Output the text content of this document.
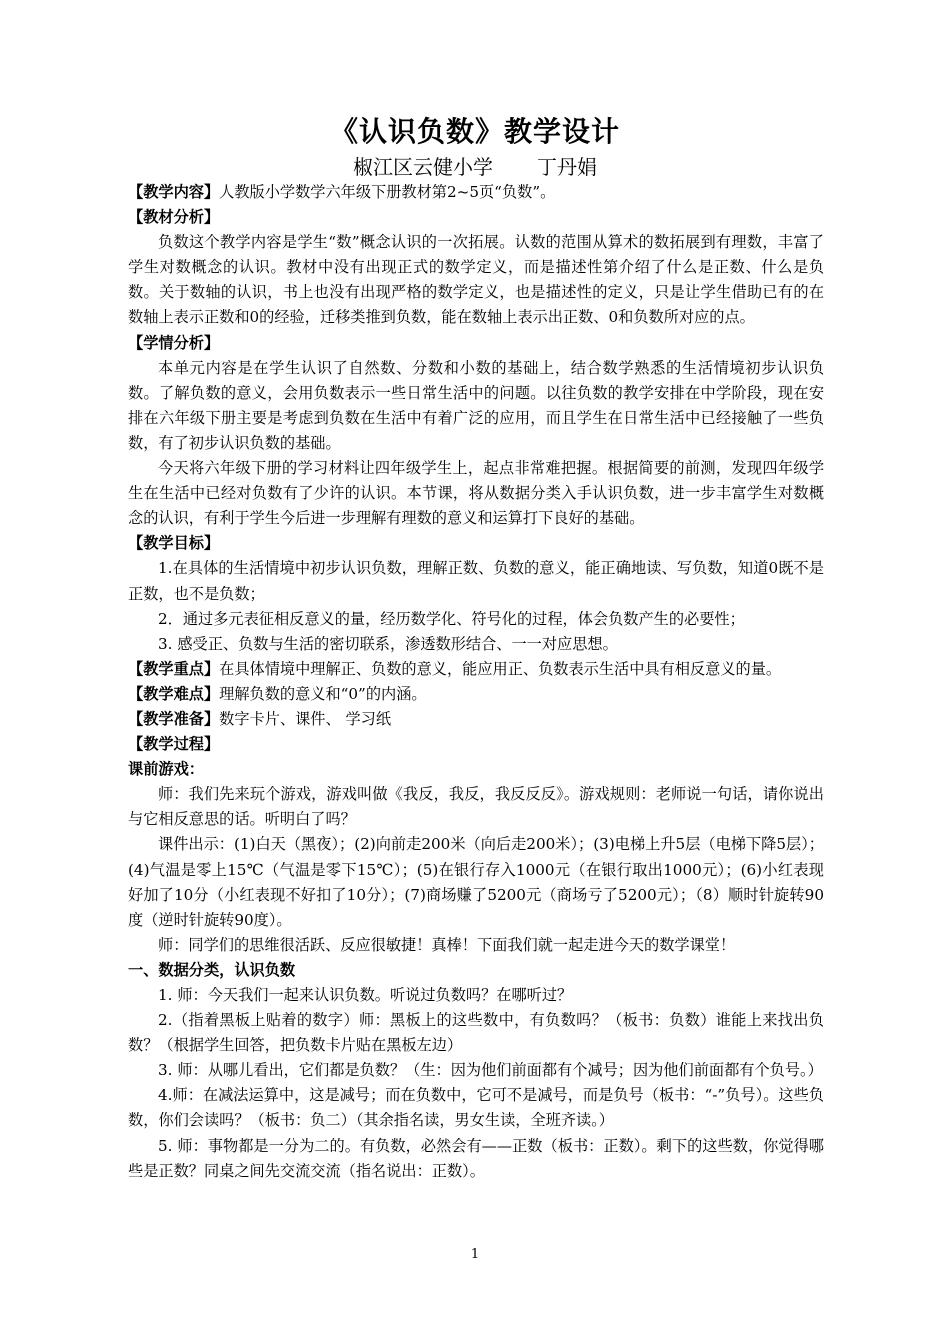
《认识负数》教学设计
椒江区云健小学 丁丹娟

【教学内容】人教版小学数学六年级下册教材第2~5页“负数”。

【教材分析】

负数这个教学内容是学生“数”概念认识的一次拓展。认数的范围从算术的数拓展到有理数，丰富了学生对数概念的认识。教材中没有出现正式的数学定义，而是描述性第介绍了什么是正数、什么是负数。关于数轴的认识，书上也没有出现严格的数学定义，也是描述性的定义，只是让学生借助已有的在数轴上表示正数和0的经验，迁移类推到负数，能在数轴上表示出正数、0和负数所对应的点。

【学情分析】

本单元内容是在学生认识了自然数、分数和小数的基础上，结合数学熟悉的生活情境初步认识负数。了解负数的意义，会用负数表示一些日常生活中的问题。以往负数的教学安排在中学阶段，现在安排在六年级下册主要是考虑到负数在生活中有着广泛的应用，而且学生在日常生活中已经接触了一些负数，有了初步认识负数的基础。

今天将六年级下册的学习材料让四年级学生上，起点非常难把握。根据简要的前测，发现四年级学生在生活中已经对负数有了少许的认识。本节课，将从数据分类入手认识负数，进一步丰富学生对数概念的认识，有利于学生今后进一步理解有理数的意义和运算打下良好的基础。

【教学目标】

1.在具体的生活情境中初步认识负数，理解正数、负数的意义，能正确地读、写负数，知道0既不是正数，也不是负数；

2．通过多元表征相反意义的量，经历数学化、符号化的过程，体会负数产生的必要性；

3. 感受正、负数与生活的密切联系，渗透数形结合、一一对应思想。

【教学重点】在具体情境中理解正、负数的意义，能应用正、负数表示生活中具有相反意义的量。

【教学难点】理解负数的意义和“0”的内涵。

【教学准备】数字卡片、课件、 学习纸

【教学过程】

课前游戏：

师：我们先来玩个游戏，游戏叫做《我反，我反，我反反反》。游戏规则：老师说一句话，请你说出与它相反意思的话。听明白了吗？

课件出示：(1)白天（黑夜）；(2)向前走200米（向后走200米）；(3)电梯上升5层（电梯下降5层）；(4)气温是零上15℃（气温是零下15℃）；(5)在银行存入1000元（在银行取出1000元）；(6)小红表现好加了10分（小红表现不好扣了10分）；(7)商场赚了5200元（商场亏了5200元）；（8）顺时针旋转90度（逆时针旋转90度）。

师：同学们的思维很活跃、反应很敏捷！真棒！下面我们就一起走进今天的数学课堂！

一、数据分类，认识负数

1. 师：今天我们一起来认识负数。听说过负数吗？在哪听过？

2.（指着黑板上贴着的数字）师：黑板上的这些数中，有负数吗？（板书：负数）谁能上来找出负数？（根据学生回答，把负数卡片贴在黑板左边）

3. 师：从哪儿看出，它们都是负数？（生：因为他们前面都有个减号；因为他们前面都有个负号。）

4.师：在减法运算中，这是减号；而在负数中，它可不是减号，而是负号（板书：“-”负号）。这些负数，你们会读吗？（板书：负二）（其余指名读，男女生读，全班齐读。）

5. 师：事物都是一分为二的。有负数，必然会有——正数（板书：正数）。剩下的这些数，你觉得哪些是正数？同桌之间先交流交流（指名说出：正数）。

1
